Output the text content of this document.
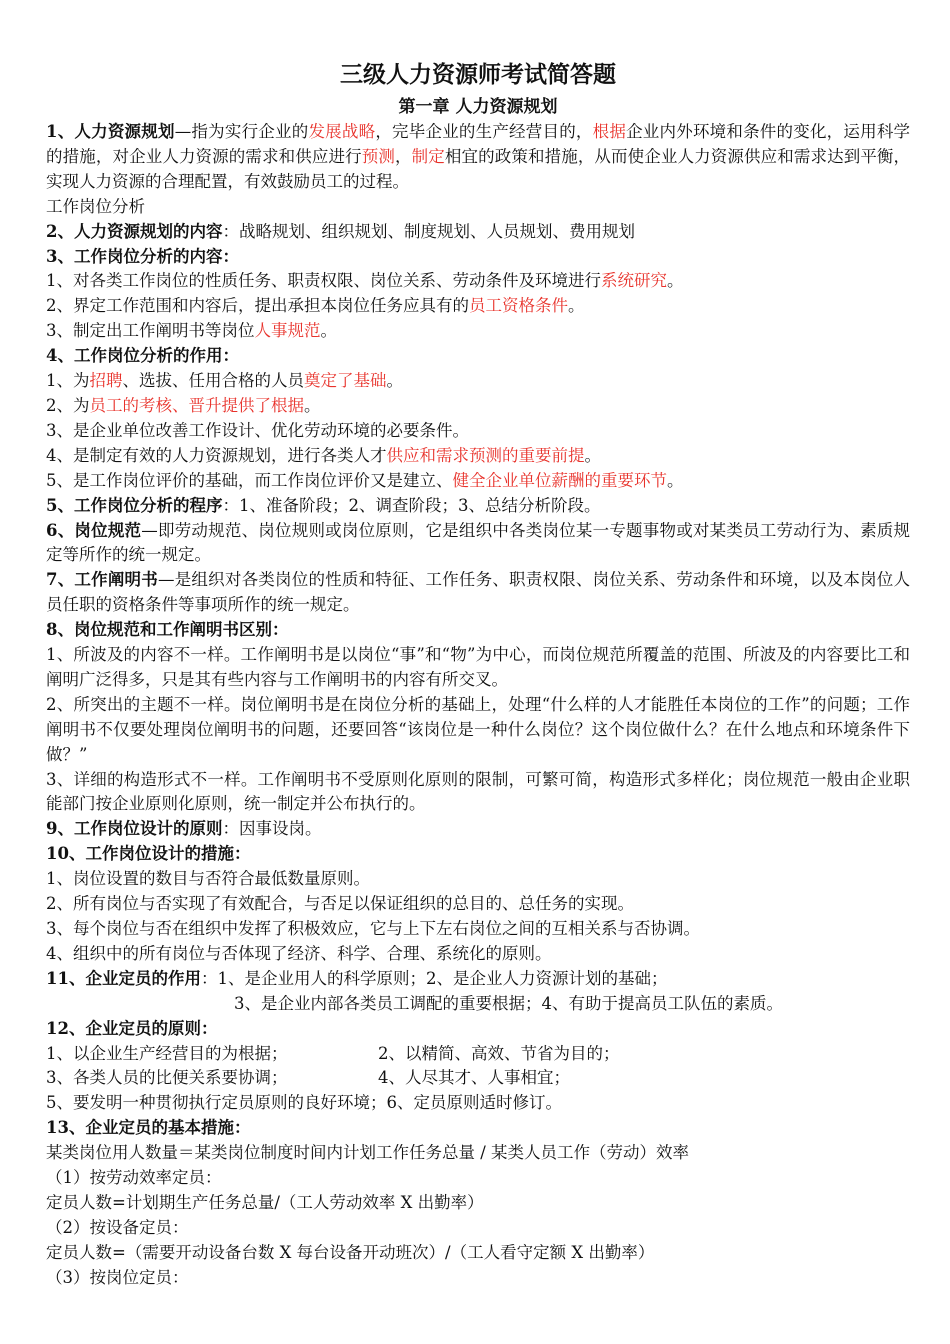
三级人力资源师考试简答题
第一章 人力资源规划
1、人力资源规划—指为实行企业的发展战略，完毕企业的生产经营目的，根据企业内外环境和条件的变化，运用科学的措施，对企业人力资源的需求和供应进行预测，制定相宜的政策和措施，从而使企业人力资源供应和需求达到平衡，实现人力资源的合理配置，有效鼓励员工的过程。
工作岗位分析
2、人力资源规划的内容：战略规划、组织规划、制度规划、人员规划、费用规划
3、工作岗位分析的内容：
1、对各类工作岗位的性质任务、职责权限、岗位关系、劳动条件及环境进行系统研究。
2、界定工作范围和内容后，提出承担本岗位任务应具有的员工资格条件。
3、制定出工作阐明书等岗位人事规范。
4、工作岗位分析的作用：
1、为招聘、选拔、任用合格的人员奠定了基础。
2、为员工的考核、晋升提供了根据。
3、是企业单位改善工作设计、优化劳动环境的必要条件。
4、是制定有效的人力资源规划，进行各类人才供应和需求预测的重要前提。
5、是工作岗位评价的基础，而工作岗位评价又是建立、健全企业单位薪酬的重要环节。
5、工作岗位分析的程序：1、准备阶段；2、调查阶段；3、总结分析阶段。
6、岗位规范—即劳动规范、岗位规则或岗位原则，它是组织中各类岗位某一专题事物或对某类员工劳动行为、素质规定等所作的统一规定。
7、工作阐明书—是组织对各类岗位的性质和特征、工作任务、职责权限、岗位关系、劳动条件和环境，以及本岗位人员任职的资格条件等事项所作的统一规定。
8、岗位规范和工作阐明书区别：
1、所波及的内容不一样。工作阐明书是以岗位“事”和“物”为中心，而岗位规范所覆盖的范围、所波及的内容要比工和阐明广泛得多，只是其有些内容与工作阐明书的内容有所交叉。
2、所突出的主题不一样。岗位阐明书是在岗位分析的基础上，处理“什么样的人才能胜任本岗位的工作”的问题；工作阐明书不仅要处理岗位阐明书的问题，还要回答“该岗位是一种什么岗位？这个岗位做什么？在什么地点和环境条件下做？”
3、详细的构造形式不一样。工作阐明书不受原则化原则的限制，可繁可简，构造形式多样化；岗位规范一般由企业职能部门按企业原则化原则，统一制定并公布执行的。
9、工作岗位设计的原则：因事设岗。
10、工作岗位设计的措施：
1、岗位设置的数目与否符合最低数量原则。
2、所有岗位与否实现了有效配合，与否足以保证组织的总目的、总任务的实现。
3、每个岗位与否在组织中发挥了积极效应，它与上下左右岗位之间的互相关系与否协调。
4、组织中的所有岗位与否体现了经济、科学、合理、系统化的原则。
11、企业定员的作用：1、是企业用人的科学原则；2、是企业人力资源计划的基础；
3、是企业内部各类员工调配的重要根据；4、有助于提高员工队伍的素质。
12、企业定员的原则：
1、以企业生产经营目的为根据；	2、以精简、高效、节省为目的；
3、各类人员的比便关系要协调；	4、人尽其才、人事相宜；
5、要发明一种贯彻执行定员原则的良好环境；6、定员原则适时修订。
13、企业定员的基本措施：
某类岗位用人数量＝某类岗位制度时间内计划工作任务总量 / 某类人员工作（劳动）效率
（1）按劳动效率定员：
定员人数=计划期生产任务总量/（工人劳动效率 X 出勤率）
（2）按设备定员：
定员人数=（需要开动设备台数 X 每台设备开动班次）/（工人看守定额 X 出勤率）
（3）按岗位定员：
